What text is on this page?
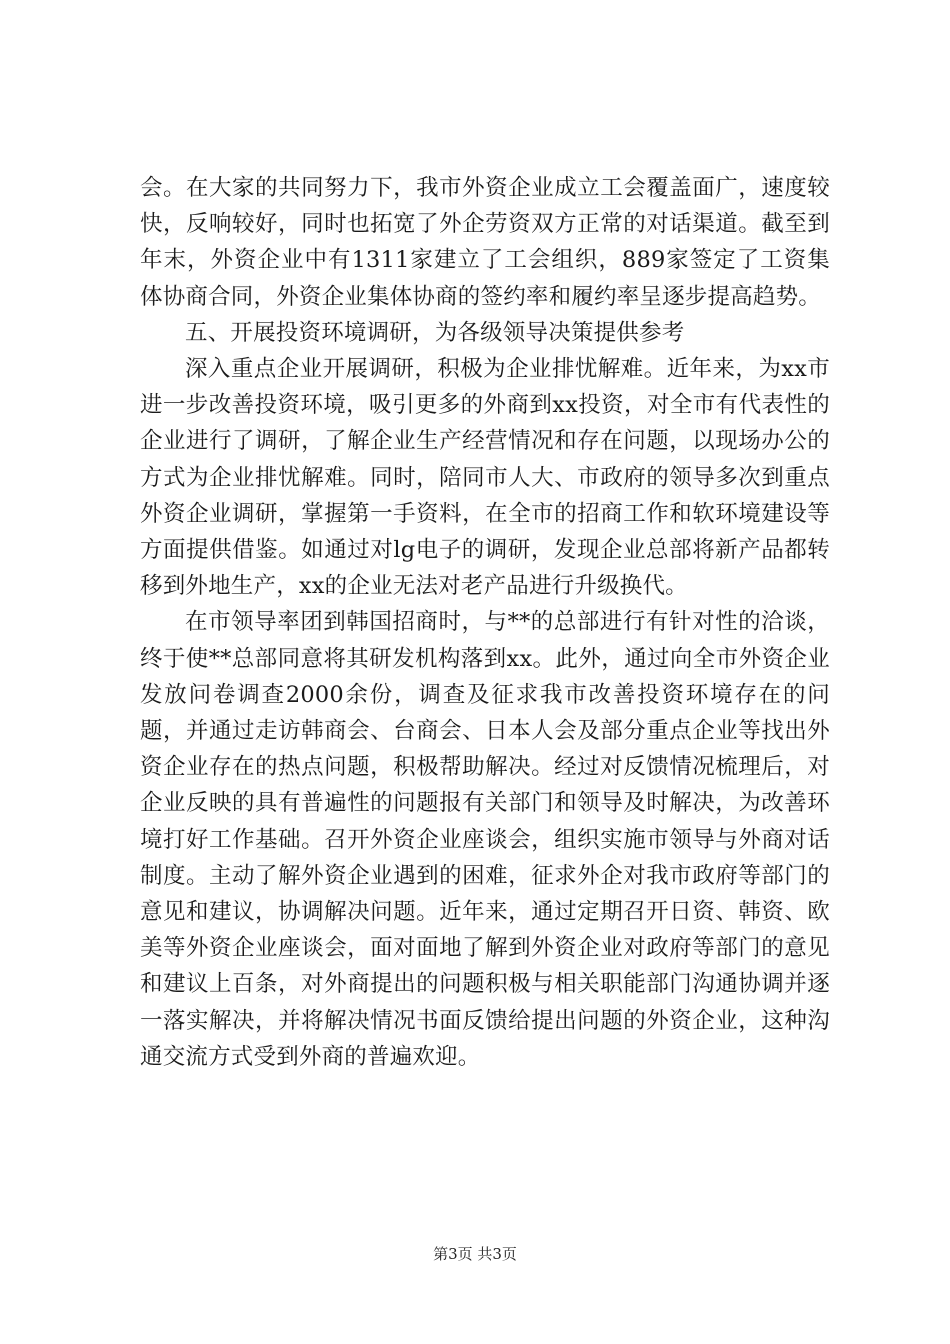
会。在大家的共同努力下，我市外资企业成立工会覆盖面广，速度较快，反响较好，同时也拓宽了外企劳资双方正常的对话渠道。截至到年末，外资企业中有1311家建立了工会组织，889家签定了工资集体协商合同，外资企业集体协商的签约率和履约率呈逐步提高趋势。

五、开展投资环境调研，为各级领导决策提供参考

深入重点企业开展调研，积极为企业排忧解难。近年来，为xx市进一步改善投资环境，吸引更多的外商到xx投资，对全市有代表性的企业进行了调研，了解企业生产经营情况和存在问题，以现场办公的方式为企业排忧解难。同时，陪同市人大、市政府的领导多次到重点外资企业调研，掌握第一手资料，在全市的招商工作和软环境建设等方面提供借鉴。如通过对lg电子的调研，发现企业总部将新产品都转移到外地生产，xx的企业无法对老产品进行升级换代。

在市领导率团到韩国招商时，与**的总部进行有针对性的洽谈，终于使**总部同意将其研发机构落到xx。此外，通过向全市外资企业发放问卷调查2000余份，调查及征求我市改善投资环境存在的问题，并通过走访韩商会、台商会、日本人会及部分重点企业等找出外资企业存在的热点问题，积极帮助解决。经过对反馈情况梳理后，对企业反映的具有普遍性的问题报有关部门和领导及时解决，为改善环境打好工作基础。召开外资企业座谈会，组织实施市领导与外商对话制度。主动了解外资企业遇到的困难，征求外企对我市政府等部门的意见和建议，协调解决问题。近年来，通过定期召开日资、韩资、欧美等外资企业座谈会，面对面地了解到外资企业对政府等部门的意见和建议上百条，对外商提出的问题积极与相关职能部门沟通协调并逐一落实解决，并将解决情况书面反馈给提出问题的外资企业，这种沟通交流方式受到外商的普遍欢迎。

第3页 共3页
